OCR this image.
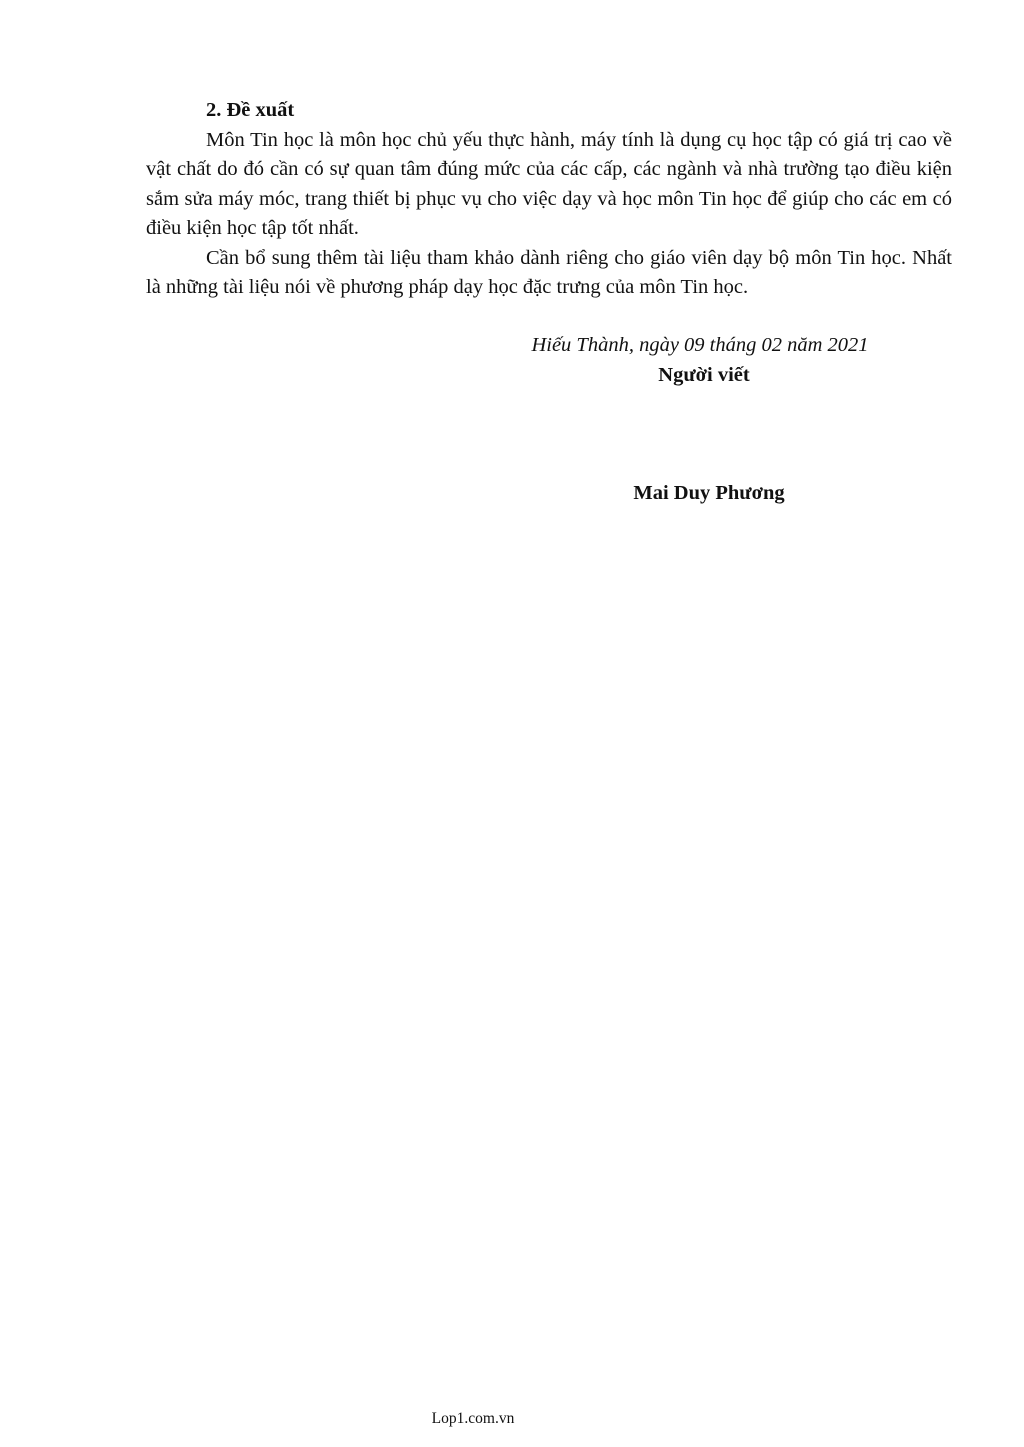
2. Đề xuất

Môn Tin học là môn học chủ yếu thực hành, máy tính là dụng cụ học tập có giá trị cao về vật chất do đó cần có sự quan tâm đúng mức của các cấp, các ngành và nhà trường tạo điều kiện sắm sửa máy móc, trang thiết bị phục vụ cho việc dạy và học môn Tin học để giúp cho các em có điều kiện học tập tốt nhất.

Cần bổ sung thêm tài liệu tham khảo dành riêng cho giáo viên dạy bộ môn Tin học. Nhất là những tài liệu nói về phương pháp dạy học đặc trưng của môn Tin học.

Hiếu Thành, ngày 09 tháng 02 năm 2021

Người viết

Mai Duy Phương

Lop1.com.vn
